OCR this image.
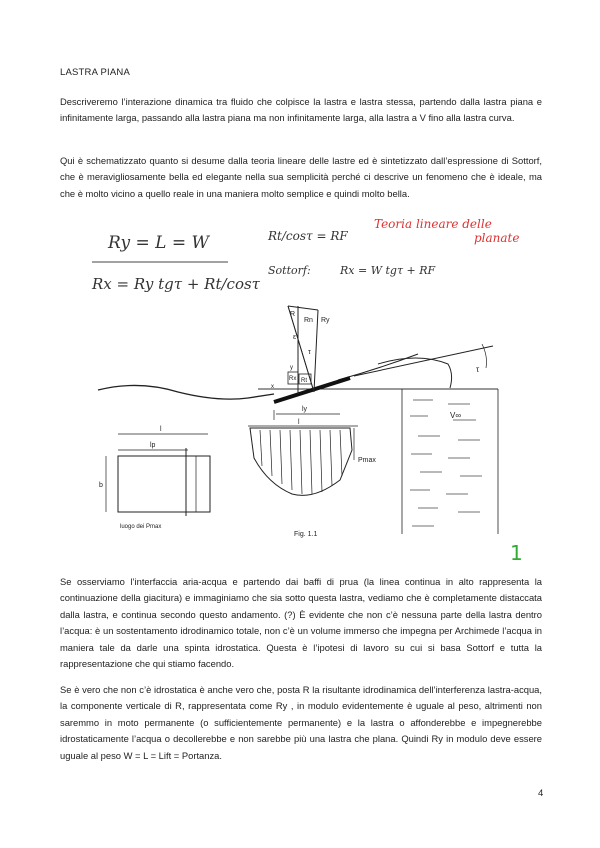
LASTRA PIANA

Descriveremo l’interazione dinamica tra fluido che colpisce la lastra e lastra stessa, partendo dalla lastra piana e infinitamente larga, passando alla lastra piana ma non infinitamente larga, alla lastra a V fino alla lastra curva.

Qui è schematizzato quanto si desume dalla teoria lineare delle lastre ed è sintetizzato dall’espressione di Sottorf, che è meravigliosamente bella ed elegante nella sua semplicità perché ci descrive un fenomeno che è ideale, ma che è molto vicino a quello reale in una maniera molto semplice e quindi molto bella.

Ry = L = W
Rx = Ry tgτ + Rt/cosτ
Rt/cosτ = RF
Sottorf:	Rx = W tgτ + RF
Teoria lineare delle
planate
R
Rn Ry
ε
τ
Rx Rt
y
x
τ
ly
l
Pmax
V∞
l
lp
b
luogo dei Pmax
Fig. 1.1
1

Se osserviamo l’interfaccia aria-acqua e partendo dai baffi di prua (la linea continua in alto rappresenta la continuazione della giacitura) e immaginiamo che sia sotto questa lastra, vediamo che è completamente distaccata dalla lastra, e continua secondo questo andamento. (?) È evidente che non c’è nessuna parte della lastra dentro l’acqua: è un sostentamento idrodinamico totale, non c’è un volume immerso che impegna per Archimede l’acqua in maniera tale da darle una spinta idrostatica. Questa è l’ipotesi di lavoro su cui si basa Sottorf e tutta la rappresentazione che qui stiamo facendo.

Se è vero che non c’è idrostatica è anche vero che, posta R la risultante idrodinamica dell’interferenza lastra-acqua, la componente verticale di R, rappresentata come Ry , in modulo evidentemente è uguale al peso, altrimenti non saremmo in moto permanente (o sufficientemente permanente) e la lastra o affonderebbe e impegnerebbe idrostaticamente l’acqua o decollerebbe e non sarebbe più una lastra che plana. Quindi Ry in modulo deve essere uguale al peso W = L = Lift = Portanza.

4
